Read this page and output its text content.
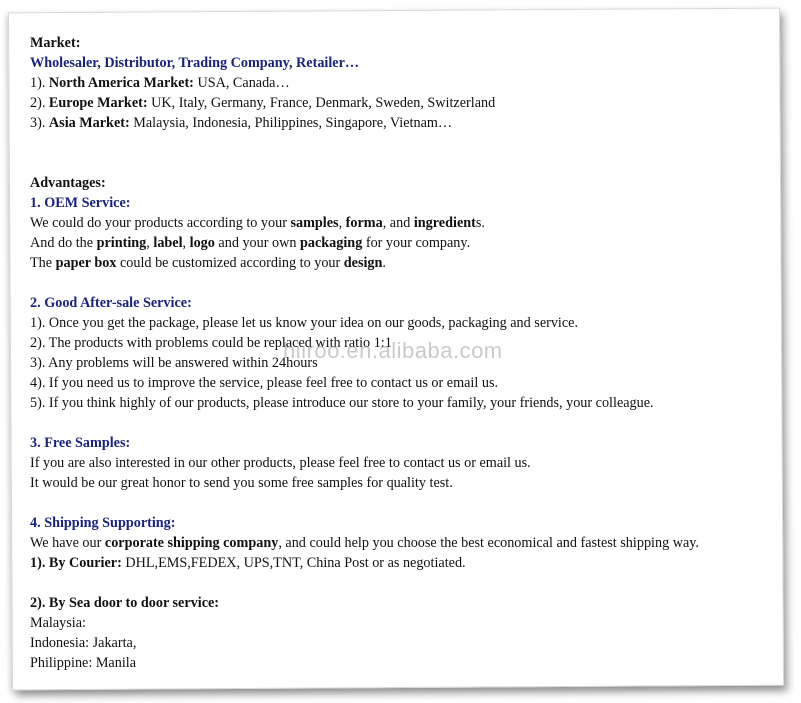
Market:
Wholesaler, Distributor, Trading Company, Retailer…
1). North America Market: USA, Canada…
2). Europe Market: UK, Italy, Germany, France, Denmark, Sweden, Switzerland
3). Asia Market: Malaysia, Indonesia, Philippines, Singapore, Vietnam…
Advantages:
1. OEM Service:
We could do your products according to your samples, forma, and ingredients.
And do the printing, label, logo and your own packaging for your company.
The paper box could be customized according to your design.
2. Good After-sale Service:
1). Once you get the package, please let us know your idea on our goods, packaging and service.
2). The products with problems could be replaced with ratio 1:1
3). Any problems will be answered within 24hours
4). If you need us to improve the service, please feel free to contact us or email us.
5). If you think highly of our products, please introduce our store to your family, your friends, your colleague.
3. Free Samples:
If you are also interested in our other products, please feel free to contact us or email us.
It would be our great honor to send you some free samples for quality test.
4. Shipping Supporting:
We have our corporate shipping company, and could help you choose the best economical and fastest shipping way.
1). By Courier: DHL,EMS,FEDEX, UPS,TNT, China Post or as negotiated.
2). By Sea door to door service:
Malaysia:
Indonesia: Jakarta,
Philippine: Manila
hiiroo.en.alibaba.com
